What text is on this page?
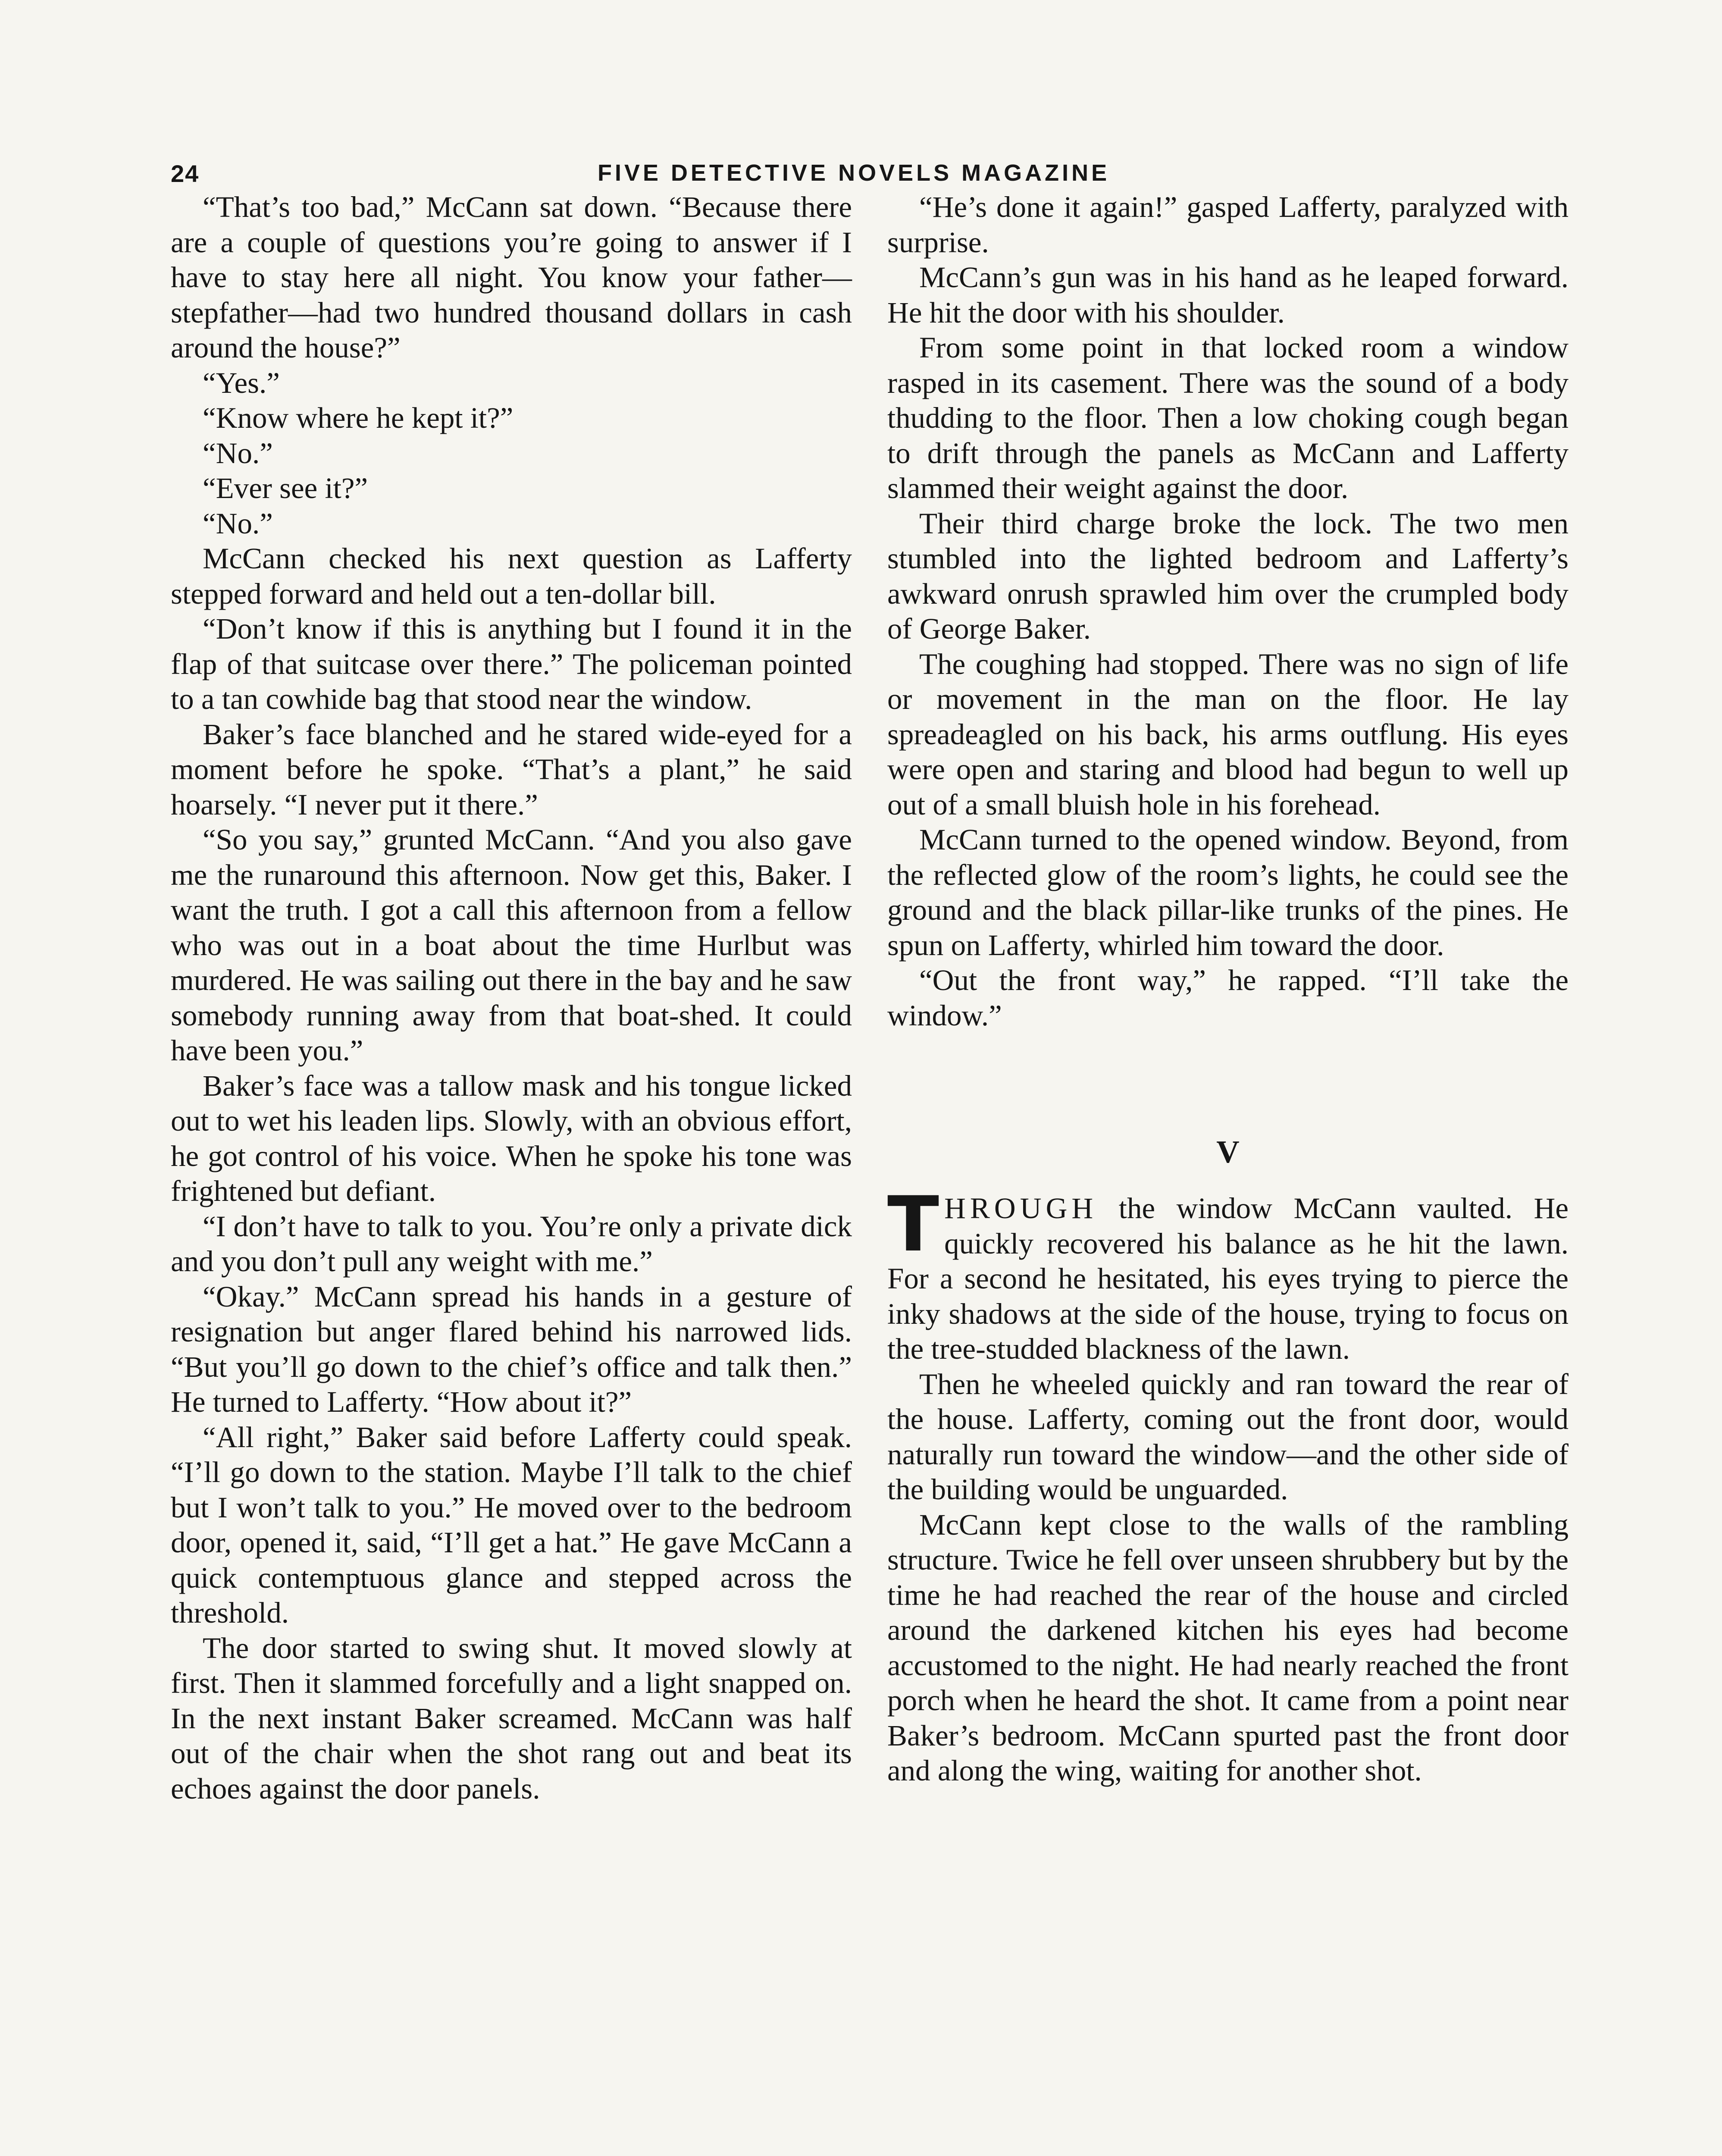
24	FIVE DETECTIVE NOVELS MAGAZINE

“That’s too bad,” McCann sat down. “Because there are a couple of questions you’re going to answer if I have to stay here all night. You know your father—stepfather—had two hundred thousand dollars in cash around the house?”

“Yes.”

“Know where he kept it?”

“No.”

“Ever see it?”

“No.”

McCann checked his next question as Lafferty stepped forward and held out a ten-dollar bill.

“Don’t know if this is anything but I found it in the flap of that suitcase over there.” The policeman pointed to a tan cowhide bag that stood near the window.

Baker’s face blanched and he stared wide-eyed for a moment before he spoke. “That’s a plant,” he said hoarsely. “I never put it there.”

“So you say,” grunted McCann. “And you also gave me the runaround this afternoon. Now get this, Baker. I want the truth. I got a call this afternoon from a fellow who was out in a boat about the time Hurlbut was murdered. He was sailing out there in the bay and he saw somebody running away from that boat-shed. It could have been you.”

Baker’s face was a tallow mask and his tongue licked out to wet his leaden lips. Slowly, with an obvious effort, he got control of his voice. When he spoke his tone was frightened but defiant.

“I don’t have to talk to you. You’re only a private dick and you don’t pull any weight with me.”

“Okay.” McCann spread his hands in a gesture of resignation but anger flared behind his narrowed lids. “But you’ll go down to the chief’s office and talk then.” He turned to Lafferty. “How about it?”

“All right,” Baker said before Lafferty could speak. “I’ll go down to the station. Maybe I’ll talk to the chief but I won’t talk to you.” He moved over to the bedroom door, opened it, said, “I’ll get a hat.” He gave McCann a quick contemptuous glance and stepped across the threshold.

The door started to swing shut. It moved slowly at first. Then it slammed forcefully and a light snapped on. In the next instant Baker screamed. McCann was half out of the chair when the shot rang out and beat its echoes against the door panels.

“He’s done it again!” gasped Lafferty, paralyzed with surprise.

McCann’s gun was in his hand as he leaped forward. He hit the door with his shoulder.

From some point in that locked room a window rasped in its casement. There was the sound of a body thudding to the floor. Then a low choking cough began to drift through the panels as McCann and Lafferty slammed their weight against the door.

Their third charge broke the lock. The two men stumbled into the lighted bedroom and Lafferty’s awkward onrush sprawled him over the crumpled body of George Baker.

The coughing had stopped. There was no sign of life or movement in the man on the floor. He lay spreadeagled on his back, his arms outflung. His eyes were open and staring and blood had begun to well up out of a small bluish hole in his forehead.

McCann turned to the opened window. Beyond, from the reflected glow of the room’s lights, he could see the ground and the black pillar-like trunks of the pines. He spun on Lafferty, whirled him toward the door.

“Out the front way,” he rapped. “I’ll take the window.”

V

THROUGH the window McCann vaulted. He quickly recovered his balance as he hit the lawn. For a second he hesitated, his eyes trying to pierce the inky shadows at the side of the house, trying to focus on the tree-studded blackness of the lawn.

Then he wheeled quickly and ran toward the rear of the house. Lafferty, coming out the front door, would naturally run toward the window—and the other side of the building would be unguarded.

McCann kept close to the walls of the rambling structure. Twice he fell over unseen shrubbery but by the time he had reached the rear of the house and circled around the darkened kitchen his eyes had become accustomed to the night. He had nearly reached the front porch when he heard the shot. It came from a point near Baker’s bedroom. McCann spurted past the front door and along the wing, waiting for another shot.
